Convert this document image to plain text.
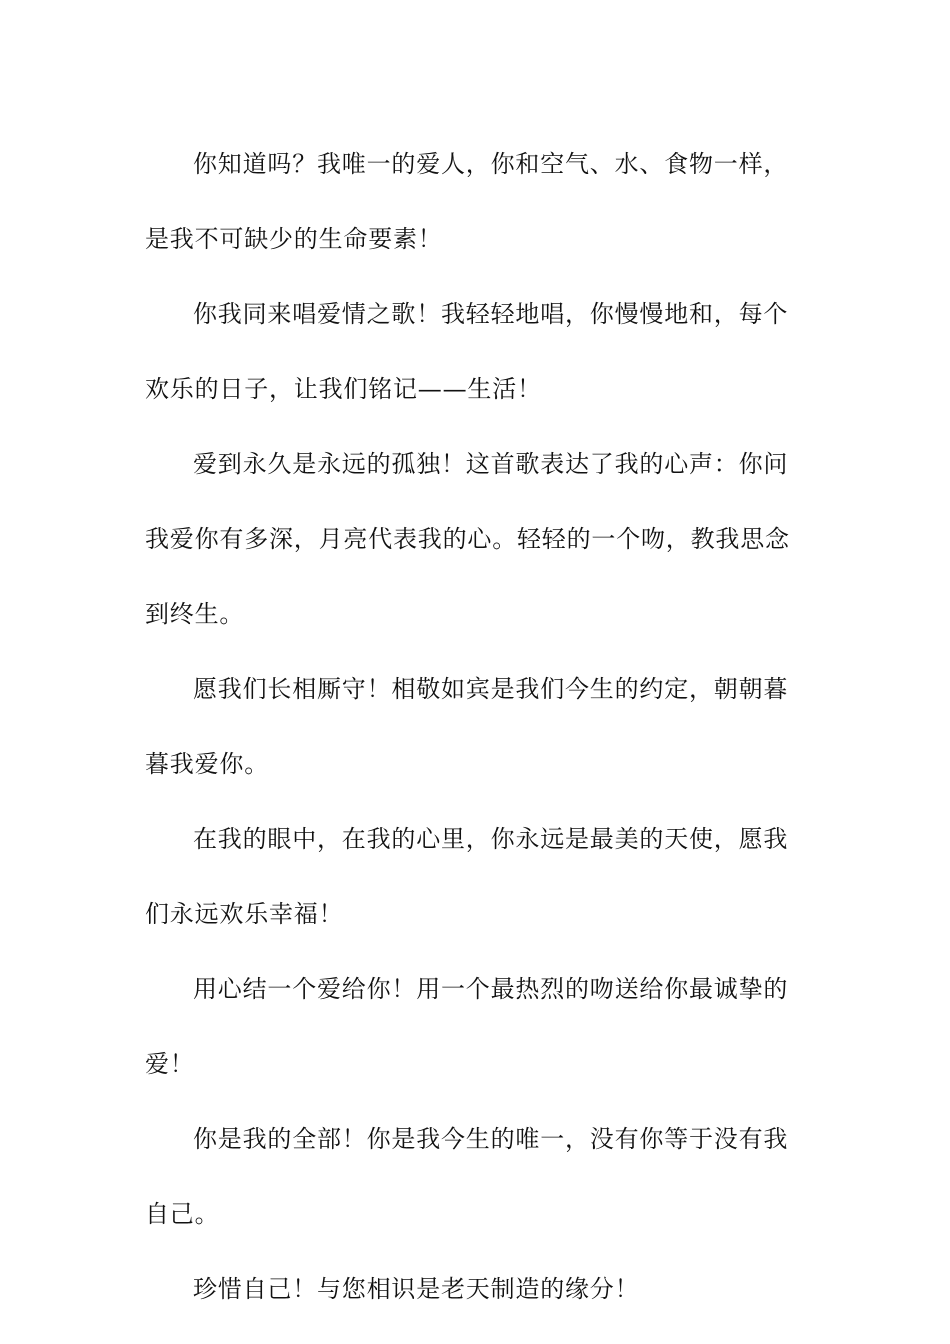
你知道吗？我唯一的爱人，你和空气、水、食物一样，是我不可缺少的生命要素！

你我同来唱爱情之歌！我轻轻地唱，你慢慢地和，每个欢乐的日子，让我们铭记——生活！

爱到永久是永远的孤独！这首歌表达了我的心声：你问我爱你有多深，月亮代表我的心。轻轻的一个吻，教我思念到终生。

愿我们长相厮守！相敬如宾是我们今生的约定，朝朝暮暮我爱你。

在我的眼中，在我的心里，你永远是最美的天使，愿我们永远欢乐幸福！

用心结一个爱给你！用一个最热烈的吻送给你最诚挚的爱！

你是我的全部！你是我今生的唯一，没有你等于没有我自己。

珍惜自己！与您相识是老天制造的缘分！
